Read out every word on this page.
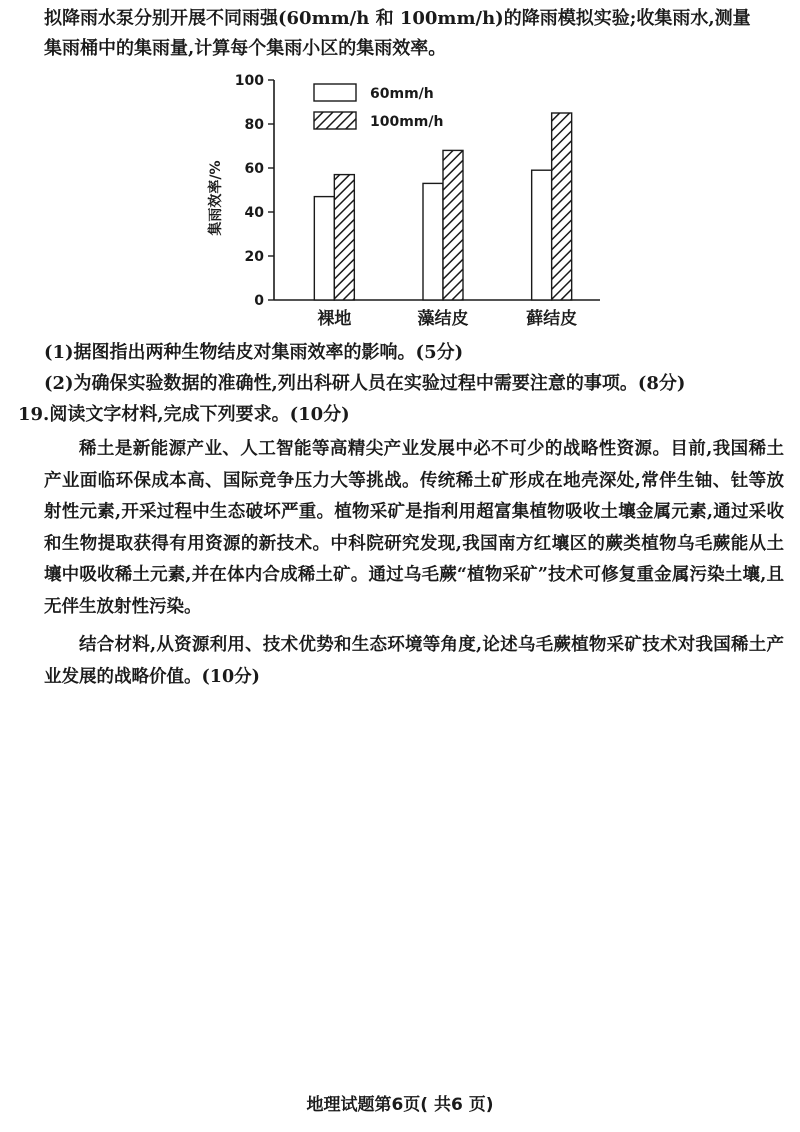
拟降雨水泵分别开展不同雨强(60mm/h 和 100mm/h)的降雨模拟实验;收集雨水,测量
集雨桶中的集雨量,计算每个集雨小区的集雨效率。
0
20
40
60
80
100
集雨效率/%
裸地	藻结皮	藓结皮
60mm/h
100mm/h
(1)据图指出两种生物结皮对集雨效率的影响。(5分)
(2)为确保实验数据的准确性,列出科研人员在实验过程中需要注意的事项。(8分)
19.阅读文字材料,完成下列要求。(10分)
稀土是新能源产业、人工智能等高精尖产业发展中必不可少的战略性资源。目前,我国稀土产业面临环保成本高、国际竞争压力大等挑战。传统稀土矿形成在地壳深处,常伴生铀、钍等放射性元素,开采过程中生态破坏严重。植物采矿是指利用超富集植物吸收土壤金属元素,通过采收和生物提取获得有用资源的新技术。中科院研究发现,我国南方红壤区的蕨类植物乌毛蕨能从土壤中吸收稀土元素,并在体内合成稀土矿。通过乌毛蕨“植物采矿”技术可修复重金属污染土壤,且无伴生放射性污染。
结合材料,从资源利用、技术优势和生态环境等角度,论述乌毛蕨植物采矿技术对我国稀土产业发展的战略价值。(10分)
地理试题第6页( 共6 页)
